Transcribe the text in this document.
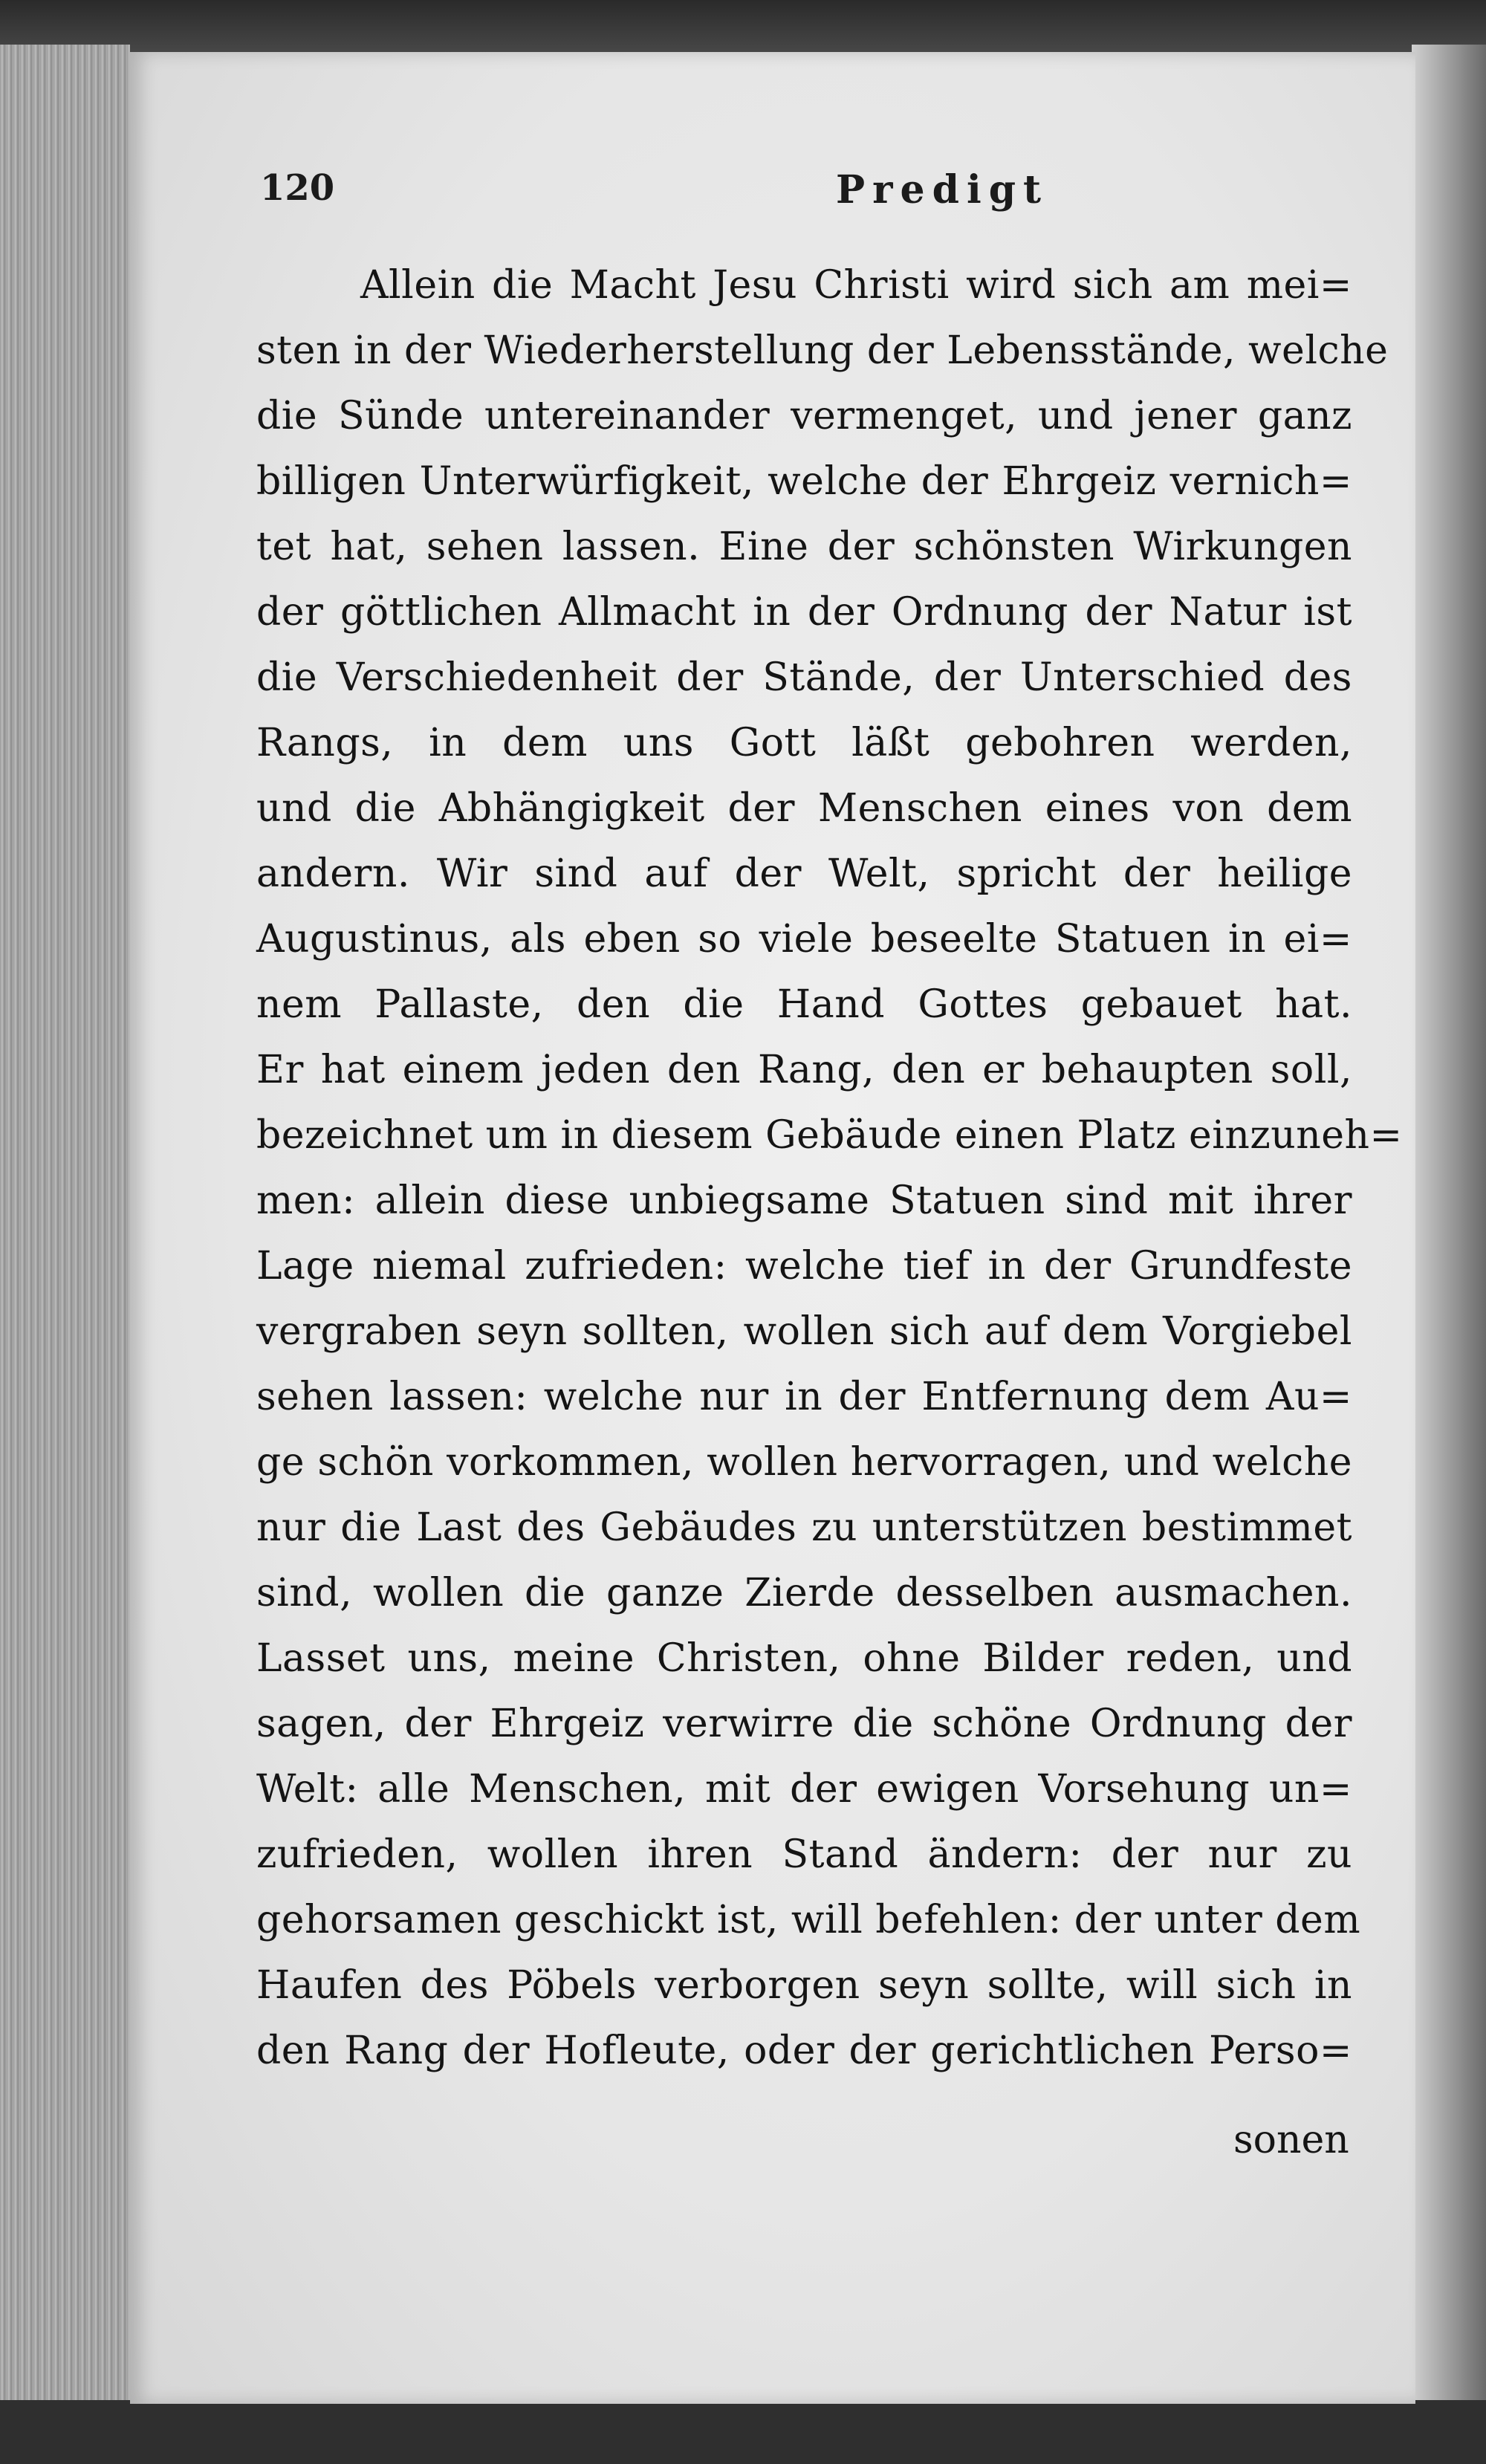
120	Predigt
Allein die Macht Jesu Christi wird sich am mei=
sten in der Wiederherstellung der Lebensstände, welche
die Sünde untereinander vermenget, und jener ganz
billigen Unterwürfigkeit, welche der Ehrgeiz vernich=
tet hat, sehen lassen. Eine der schönsten Wirkungen
der göttlichen Allmacht in der Ordnung der Natur ist
die Verschiedenheit der Stände, der Unterschied des
Rangs, in dem uns Gott läßt gebohren werden,
und die Abhängigkeit der Menschen eines von dem
andern. Wir sind auf der Welt, spricht der heilige
Augustinus, als eben so viele beseelte Statuen in ei=
nem Pallaste, den die Hand Gottes gebauet hat.
Er hat einem jeden den Rang, den er behaupten soll,
bezeichnet um in diesem Gebäude einen Platz einzuneh=
men: allein diese unbiegsame Statuen sind mit ihrer
Lage niemal zufrieden: welche tief in der Grundfeste
vergraben seyn sollten, wollen sich auf dem Vorgiebel
sehen lassen: welche nur in der Entfernung dem Au=
ge schön vorkommen, wollen hervorragen, und welche
nur die Last des Gebäudes zu unterstützen bestimmet
sind, wollen die ganze Zierde desselben ausmachen.
Lasset uns, meine Christen, ohne Bilder reden, und
sagen, der Ehrgeiz verwirre die schöne Ordnung der
Welt: alle Menschen, mit der ewigen Vorsehung un=
zufrieden, wollen ihren Stand ändern: der nur zu
gehorsamen geschickt ist, will befehlen: der unter dem
Haufen des Pöbels verborgen seyn sollte, will sich in
den Rang der Hofleute, oder der gerichtlichen Perso=
sonen
